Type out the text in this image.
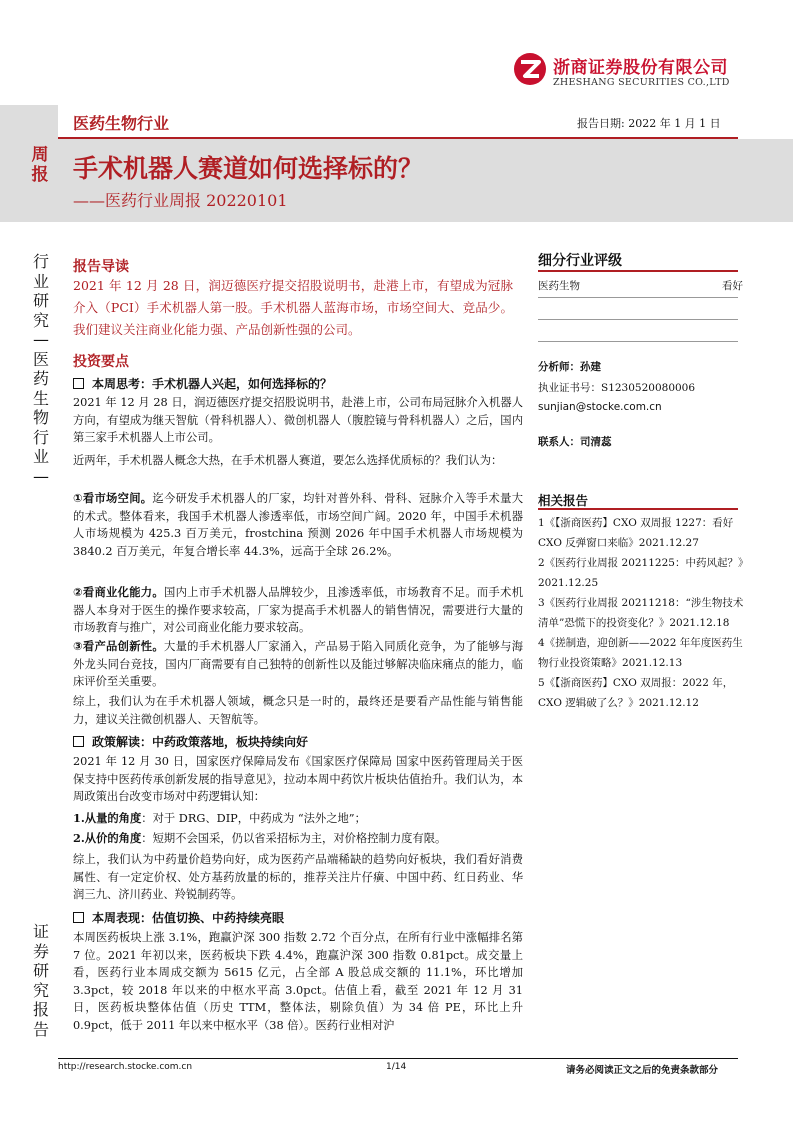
浙商证券股份有限公司
ZHESHANG SECURITIES CO.,LTD
医药生物行业	报告日期: 2022 年 1 月 1 日
周报 手术机器人赛道如何选择标的？
——医药行业周报 20220101
行业研究—医药生物行业—
证券研究报告
报告导读
2021 年 12 月 28 日，润迈德医疗提交招股说明书，赴港上市，有望成为冠脉介入（PCI）手术机器人第一股。手术机器人蓝海市场，市场空间大、竞品少。我们建议关注商业化能力强、产品创新性强的公司。
投资要点
本周思考：手术机器人兴起，如何选择标的？
2021 年 12 月 28 日，润迈德医疗提交招股说明书，赴港上市，公司布局冠脉介入机器人方向，有望成为继天智航（骨科机器人）、微创机器人（腹腔镜与骨科机器人）之后，国内第三家手术机器人上市公司。
近两年，手术机器人概念大热，在手术机器人赛道，要怎么选择优质标的？我们认为：
①看市场空间。迄今研发手术机器人的厂家，均针对普外科、骨科、冠脉介入等手术量大的术式。整体看来，我国手术机器人渗透率低，市场空间广阔。2020 年，中国手术机器人市场规模为 425.3 百万美元，frostchina 预测 2026 年中国手术机器人市场规模为 3840.2 百万美元，年复合增长率 44.3%，远高于全球 26.2%。
②看商业化能力。国内上市手术机器人品牌较少，且渗透率低，市场教育不足。而手术机器人本身对于医生的操作要求较高，厂家为提高手术机器人的销售情况，需要进行大量的市场教育与推广，对公司商业化能力要求较高。
③看产品创新性。大量的手术机器人厂家涌入，产品易于陷入同质化竞争，为了能够与海外龙头同台竞技，国内厂商需要有自己独特的创新性以及能过够解决临床痛点的能力，临床评价至关重要。
综上，我们认为在手术机器人领域，概念只是一时的，最终还是要看产品性能与销售能力，建议关注微创机器人、天智航等。
政策解读：中药政策落地，板块持续向好
2021 年 12 月 30 日，国家医疗保障局发布《国家医疗保障局 国家中医药管理局关于医保支持中医药传承创新发展的指导意见》，拉动本周中药饮片板块估值抬升。我们认为，本周政策出台改变市场对中药逻辑认知：
1.从量的角度：对于 DRG、DIP，中药成为 “法外之地”；
2.从价的角度：短期不会国采，仍以省采招标为主，对价格控制力度有限。
综上，我们认为中药量价趋势向好，成为医药产品端稀缺的趋势向好板块，我们看好消费属性、有一定定价权、处方基药放量的标的，推荐关注片仔癀、中国中药、红日药业、华润三九、济川药业、羚锐制药等。
本周表现：估值切换、中药持续亮眼
本周医药板块上涨 3.1%，跑赢沪深 300 指数 2.72 个百分点，在所有行业中涨幅排名第 7 位。2021 年初以来，医药板块下跌 4.4%，跑赢沪深 300 指数 0.81pct。成交量上看，医药行业本周成交额为 5615 亿元，占全部 A 股总成交额的 11.1%，环比增加 3.3pct，较 2018 年以来的中枢水平高 3.0pct。估值上看，截至 2021 年 12 月 31 日，医药板块整体估值（历史 TTM，整体法，剔除负值）为 34 倍 PE，环比上升 0.9pct，低于 2011 年以来中枢水平（38 倍）。医药行业相对沪
细分行业评级
医药生物	看好
分析师：孙建
执业证书号：S1230520080006
sunjian@stocke.com.cn
联系人：司清蕊
相关报告

1《【浙商医药】CXO 双周报 1227：看好 CXO 反弹窗口来临》2021.12.27

2《医药行业周报 20211225：中药风起？》2021.12.25

3《医药行业周报 20211218：“涉生物技术清单”恐慌下的投资变化？》2021.12.18

4《搓制造，迎创新——2022 年年度医药生物行业投资策略》2021.12.13

5《【浙商医药】CXO 双周报：2022 年，CXO 逻辑破了么？》2021.12.12

http://research.stocke.com.cn	1/14	请务必阅读正文之后的免责条款部分
